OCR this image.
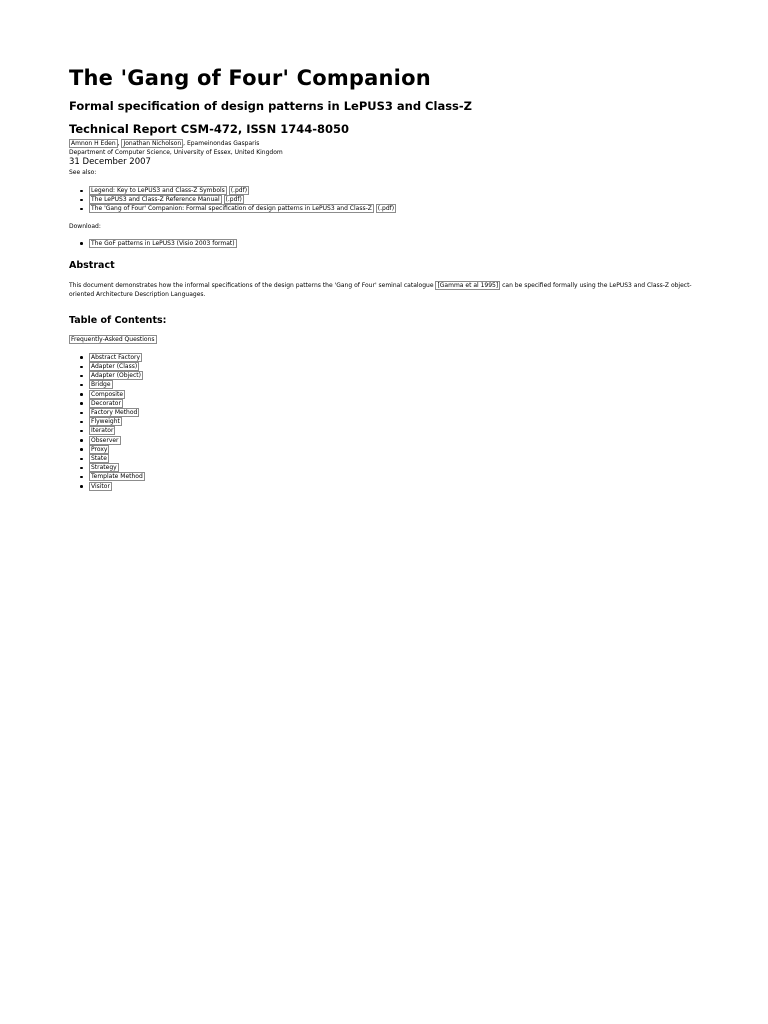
The 'Gang of Four' Companion
Formal specification of design patterns in LePUS3 and Class-Z
Technical Report CSM-472, ISSN 1744-8050
Amnon H Eden , Jonathan Nicholson , Epameinondas Gasparis
Department of Computer Science, University of Essex, United Kingdom
31 December 2007
See also:
Legend: Key to LePUS3 and Class-Z Symbols (.pdf)
The LePUS3 and Class-Z Reference Manual (.pdf)
The 'Gang of Four' Companion: Formal specification of design patterns in LePUS3 and Class-Z (.pdf)
Download:
The GoF patterns in LePUS3 (Visio 2003 format)
Abstract
This document demonstrates how the informal specifications of the design patterns the 'Gang of Four' seminal catalogue [Gamma et al 1995] can be specified formally using the LePUS3 and Class-Z object-oriented Architecture Description Languages.
Table of Contents:
Frequently-Asked Questions
Abstract Factory
Adapter (Class)
Adapter (Object)
Bridge
Composite
Decorator
Factory Method
Flyweight
Iterator
Observer
Proxy
State
Strategy
Template Method
Visitor
